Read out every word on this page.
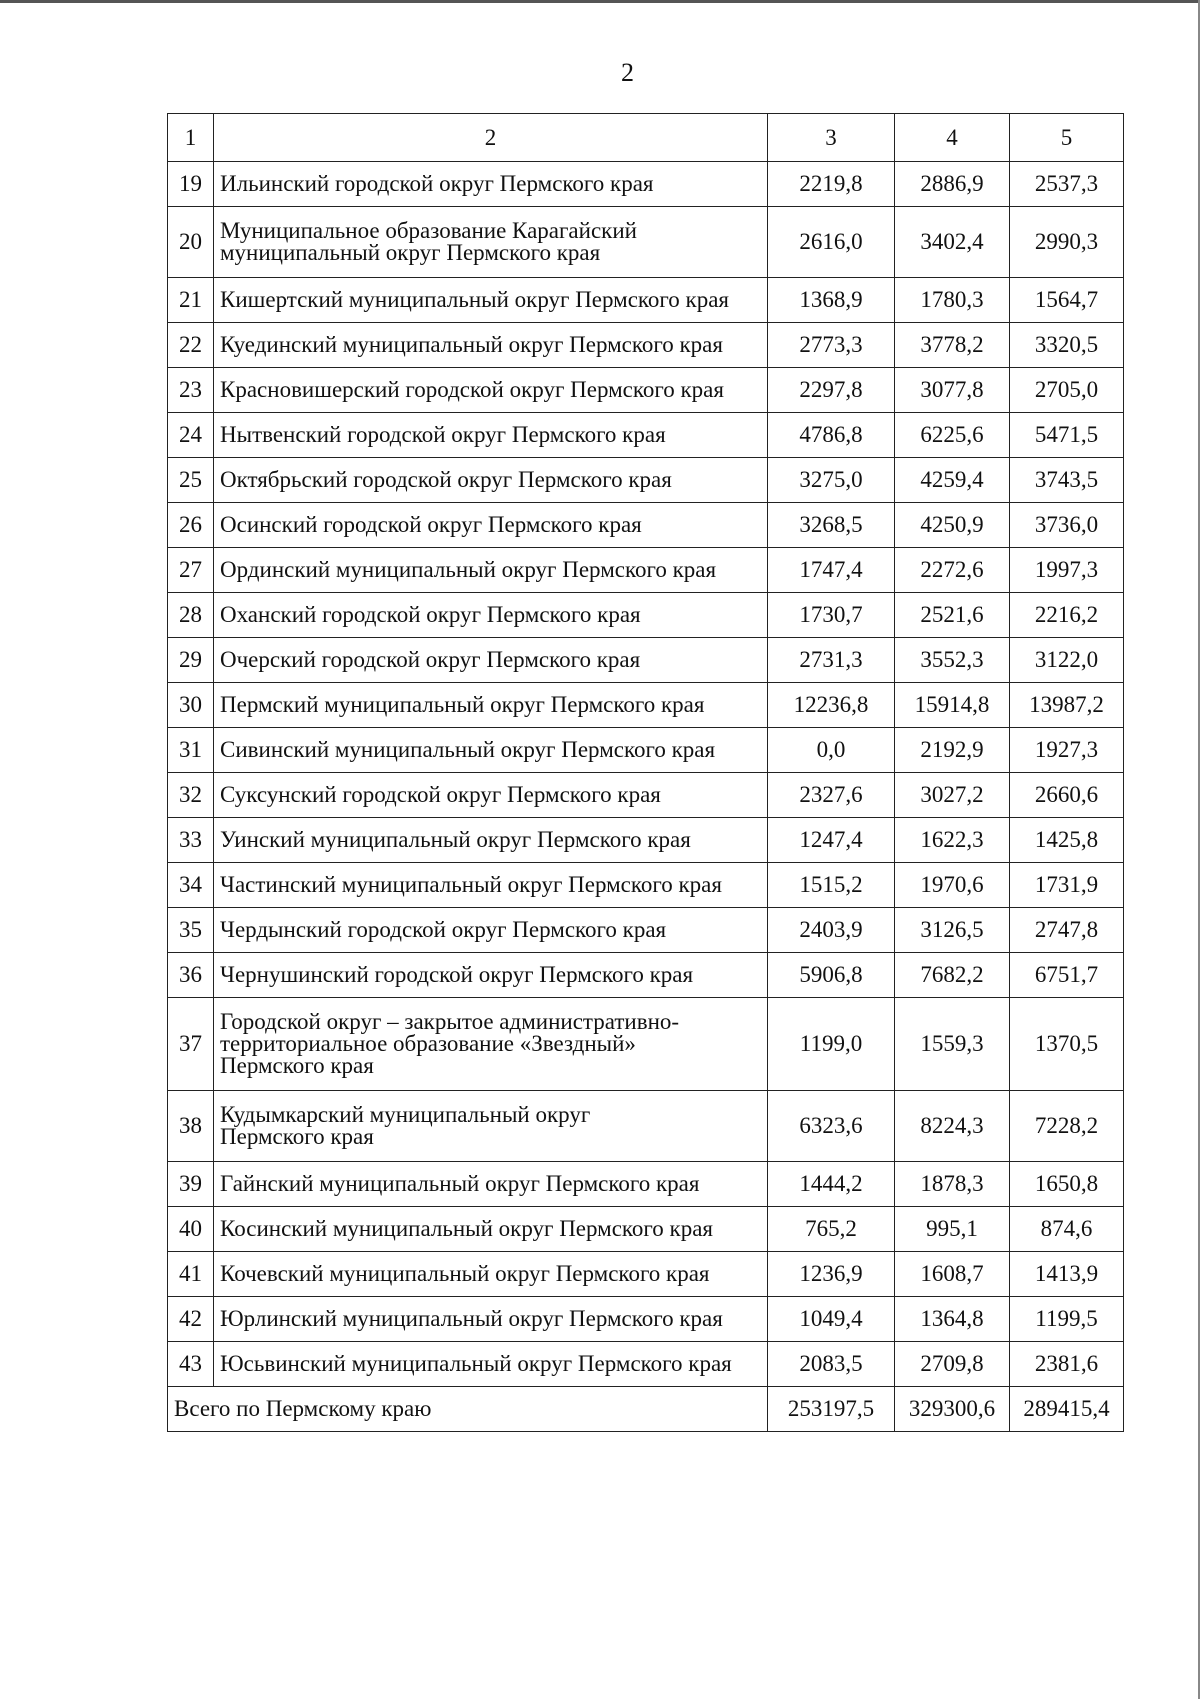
2
1	2	3	4	5
19	Ильинский городской округ Пермского края	2219,8	2886,9	2537,3
20	Муниципальное образование Карагайский
муниципальный округ Пермского края	2616,0	3402,4	2990,3
21	Кишертский муниципальный округ Пермского края	1368,9	1780,3	1564,7
22	Куединский муниципальный округ Пермского края	2773,3	3778,2	3320,5
23	Красновишерский городской округ Пермского края	2297,8	3077,8	2705,0
24	Нытвенский городской округ Пермского края	4786,8	6225,6	5471,5
25	Октябрьский городской округ Пермского края	3275,0	4259,4	3743,5
26	Осинский городской округ Пермского края	3268,5	4250,9	3736,0
27	Ординский муниципальный округ Пермского края	1747,4	2272,6	1997,3
28	Оханский городской округ Пермского края	1730,7	2521,6	2216,2
29	Очерский городской округ Пермского края	2731,3	3552,3	3122,0
30	Пермский муниципальный округ Пермского края	12236,8	15914,8	13987,2
31	Сивинский муниципальный округ Пермского края	0,0	2192,9	1927,3
32	Суксунский городской округ Пермского края	2327,6	3027,2	2660,6
33	Уинский муниципальный округ Пермского края	1247,4	1622,3	1425,8
34	Частинский муниципальный округ Пермского края	1515,2	1970,6	1731,9
35	Чердынский городской округ Пермского края	2403,9	3126,5	2747,8
36	Чернушинский городской округ Пермского края	5906,8	7682,2	6751,7
37	Городской округ – закрытое административно-
территориальное образование «Звездный»
Пермского края	1199,0	1559,3	1370,5
38	Кудымкарский муниципальный округ
Пермского края	6323,6	8224,3	7228,2
39	Гайнский муниципальный округ Пермского края	1444,2	1878,3	1650,8
40	Косинский муниципальный округ Пермского края	765,2	995,1	874,6
41	Кочевский муниципальный округ Пермского края	1236,9	1608,7	1413,9
42	Юрлинский муниципальный округ Пермского края	1049,4	1364,8	1199,5
43	Юсьвинский муниципальный округ Пермского края	2083,5	2709,8	2381,6
Всего по Пермскому краю		253197,5	329300,6	289415,4
